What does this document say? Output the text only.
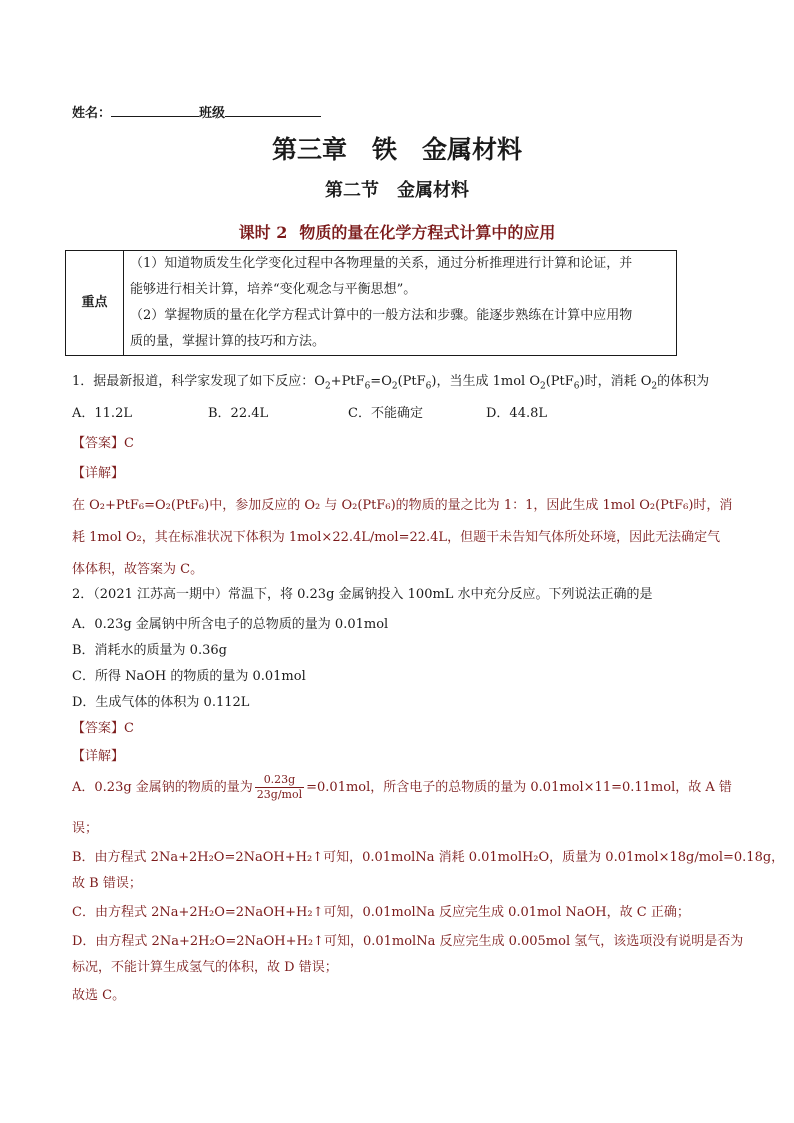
姓名：	班级
第三章　铁　金属材料
第二节　金属材料
课时 2 物质的量在化学方程式计算中的应用
重点	
（1）知道物质发生化学变化过程中各物理量的关系，通过分析推理进行计算和论证，并
能够进行相关计算，培养“变化观念与平衡思想”。
（2）掌握物质的量在化学方程式计算中的一般方法和步骤。能逐步熟练在计算中应用物
质的量，掌握计算的技巧和方法。
1．据最新报道，科学家发现了如下反应：$O_2+PtF_6=O_2(PtF_6)$，当生成 1mol $O_2(PtF_6)$时，消耗 $O_2$的体积为
A．11.2L	B．22.4L	C．不能确定	D．44.8L
【答案】C
【详解】
在 O₂+PtF₆=O₂(PtF₆)中，参加反应的 O₂ 与 O₂(PtF₆)的物质的量之比为 1：1，因此生成 1mol O₂(PtF₆)时，消
耗 1mol O₂，其在标准状况下体积为 1mol×22.4L/mol=22.4L，但题干未告知气体所处环境，因此无法确定气
体体积，故答案为 C。
2．（2021 江苏高一期中）常温下，将 0.23g 金属钠投入 100mL 水中充分反应。下列说法正确的是
A．0.23g 金属钠中所含电子的总物质的量为 0.01mol
B．消耗水的质量为 0.36g
C．所得 NaOH 的物质的量为 0.01mol
D．生成气体的体积为 0.112L
【答案】C
【详解】
A．0.23g 金属钠的物质的量为 $\frac{0.23g}{\text{23g/mol}} =0.01mol$，所含电子的总物质的量为 0.01mol×11=0.11mol，故 A 错
误；
B．由方程式 2Na+2H₂O=2NaOH+H₂↑可知，0.01molNa 消耗 0.01molH₂O，质量为 0.01mol×18g/mol=0.18g，
故 B 错误；
C．由方程式 2Na+2H₂O=2NaOH+H₂↑可知，0.01molNa 反应完生成 0.01mol NaOH，故 C 正确；
D．由方程式 2Na+2H₂O=2NaOH+H₂↑可知，0.01molNa 反应完生成 0.005mol 氢气，该选项没有说明是否为
标况，不能计算生成氢气的体积，故 D 错误；
故选 C。
